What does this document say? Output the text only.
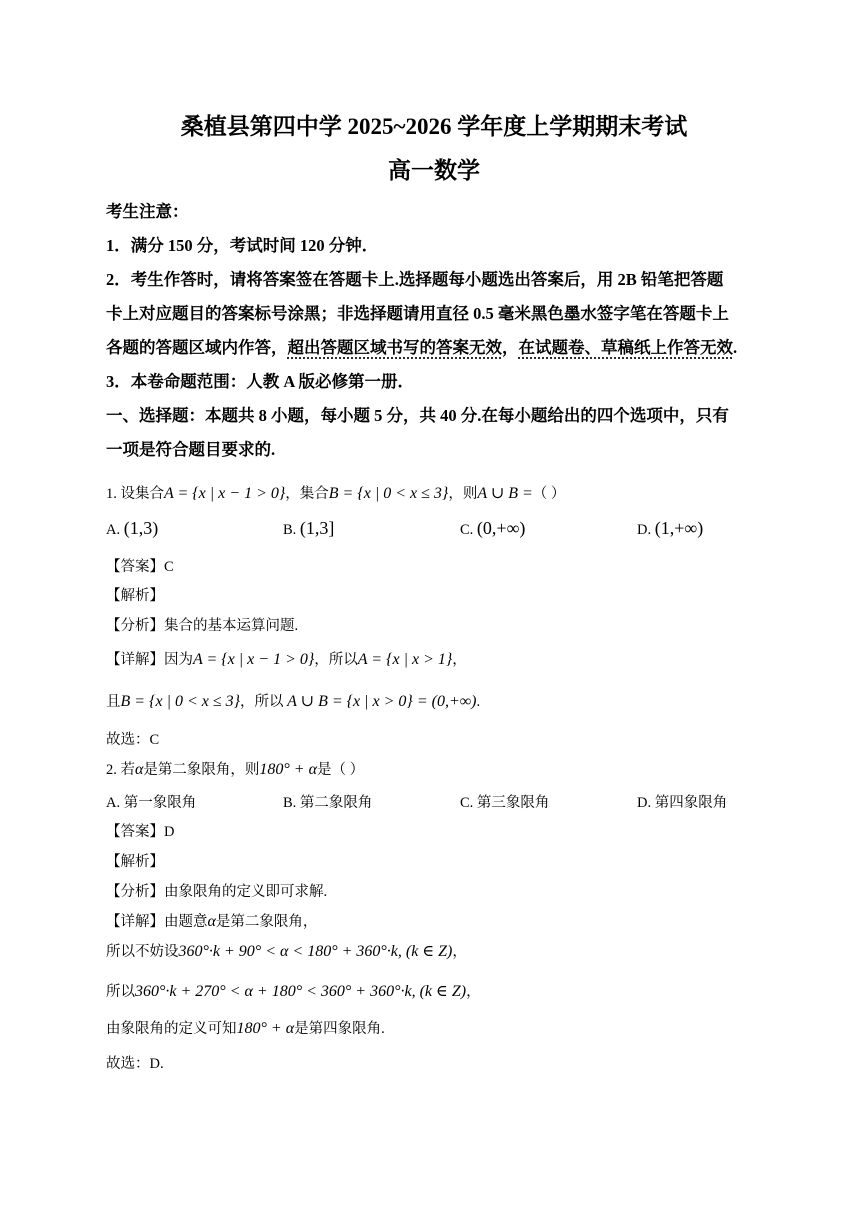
桑植县第四中学 2025~2026 学年度上学期期末考试
高一数学
考生注意：
1．满分 150 分，考试时间 120 分钟．
2．考生作答时，请将答案签在答题卡上.选择题每小题选出答案后，用 2B 铅笔把答题
卡上对应题目的答案标号涂黑；非选择题请用直径 0.5 毫米黑色墨水签字笔在答题卡上
各题的答题区域内作答，超出答题区域书写的答案无效，在试题卷、草稿纸上作答无效.
3．本卷命题范围：人教 A 版必修第一册．
一、选择题：本题共 8 小题，每小题 5 分，共 40 分.在每小题给出的四个选项中，只有
一项是符合题目要求的.
1. 设集合A = {x | x − 1 > 0}，集合B = {x | 0 < x ≤ 3}，则A ∪ B =（ ）
A. (1,3)	B. (1,3]	C. (0,+∞)	D. (1,+∞)
【答案】C
【解析】
【分析】集合的基本运算问题.
【详解】因为A = {x | x − 1 > 0}，所以A = {x | x > 1}，
且B = {x | 0 < x ≤ 3}，所以 A ∪ B = {x | x > 0} = (0,+∞).
故选：C
2. 若α是第二象限角，则180° + α是（ ）
A. 第一象限角	B. 第二象限角	C. 第三象限角	D. 第四象限角
【答案】D
【解析】
【分析】由象限角的定义即可求解.
【详解】由题意α是第二象限角，
所以不妨设360°·k + 90° < α < 180° + 360°·k, (k ∈ Z)，
所以360°·k + 270° < α + 180° < 360° + 360°·k, (k ∈ Z)，
由象限角的定义可知180° + α是第四象限角.
故选：D.
